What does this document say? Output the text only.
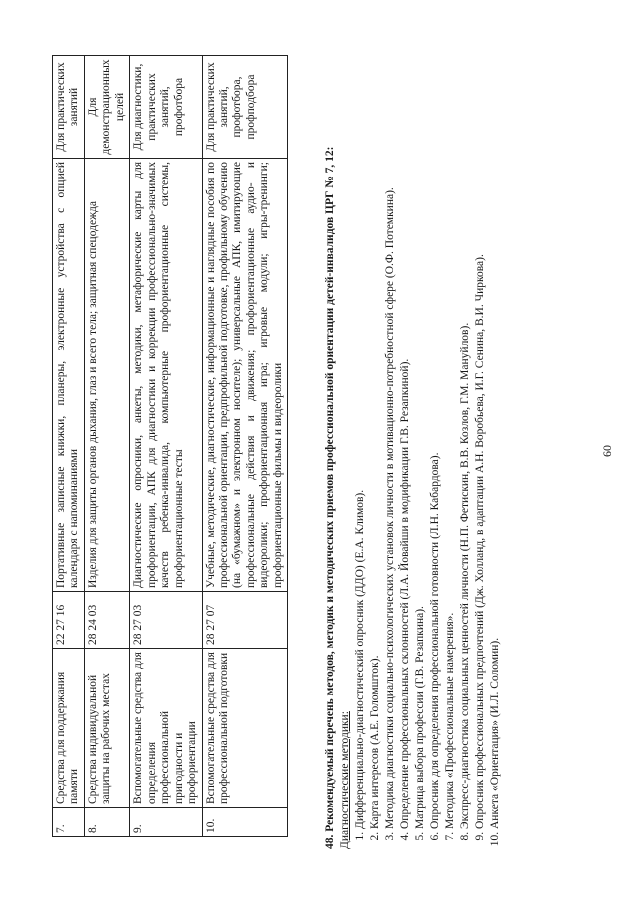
7.	Средства для поддержания памяти	22 27 16	Портативные записные книжки, планеры, электронные устройства с опцией календаря с напоминаниями	Для практических занятий
8.	Средства индивидуальной защиты на рабочих местах	28 24 03	Изделия для защиты органов дыхания, глаз и всего тела; защитная спецодежда	Для демонстрационных целей
9.	Вспомогательные средства для определения профессиональной пригодности и профориентации	28 27 03	Диагностические опросники, анкеты, методики, метафорические карты для профориентации, АПК для диагностики и коррекции профессионально-значимых качеств ребенка-инвалида, компьютерные профориентационные системы, профориентационные тесты	Для диагностики, практических занятий, профотбора
10.	Вспомогательные средства для профессиональной подготовки	28 27 07	Учебные, методические, диагностические, информационные и наглядные пособия по профессиональной ориентации, предпрофильной подготовке, профильному обучению (на «бумажном» и электронном носителе); универсальные АПК, имитирующие профессиональные действия и движения; профориентационные аудио- и видеоролики; профориентационная игра; игровые модули; игры-тренинги; профориентационные фильмы и видеоролики	Для практических занятий, профотбора, профподбора

48. Рекомендуемый перечень методов, методик и методических приемов профессиональной ориентации детей-инвалидов ЦРГ № 7, 12: Диагностические методики: 1. Дифференциально-диагностический опросник (ДДО) (Е.А. Климов). 2. Карта интересов (А.Е. Голомшток). 3. Методика диагностики социально-психологических установок личности в мотивационно-потребностной сфере (О.Ф. Потемкина). 4. Определение профессиональных склонностей (Л.А. Йовайши в модификации Г.В. Резапкиной). 5. Матрица выбора профессии (Г.В. Резапкина). 6. Опросник для определения профессиональной готовности (Л.Н. Кабардова). 7. Методика «Профессиональные намерения». 8. Экспресс-диагностика социальных ценностей личности (Н.П. Фетискин, В.В. Козлов, Г.М. Мануйлов). 9. Опросник профессиональных предпочтений (Дж. Холланд, в адаптации А.Н. Воробьева, И.Г. Сенина, В.И. Чиркова). 10. Анкета «Ориентация» (И.Л. Соломин).
60
